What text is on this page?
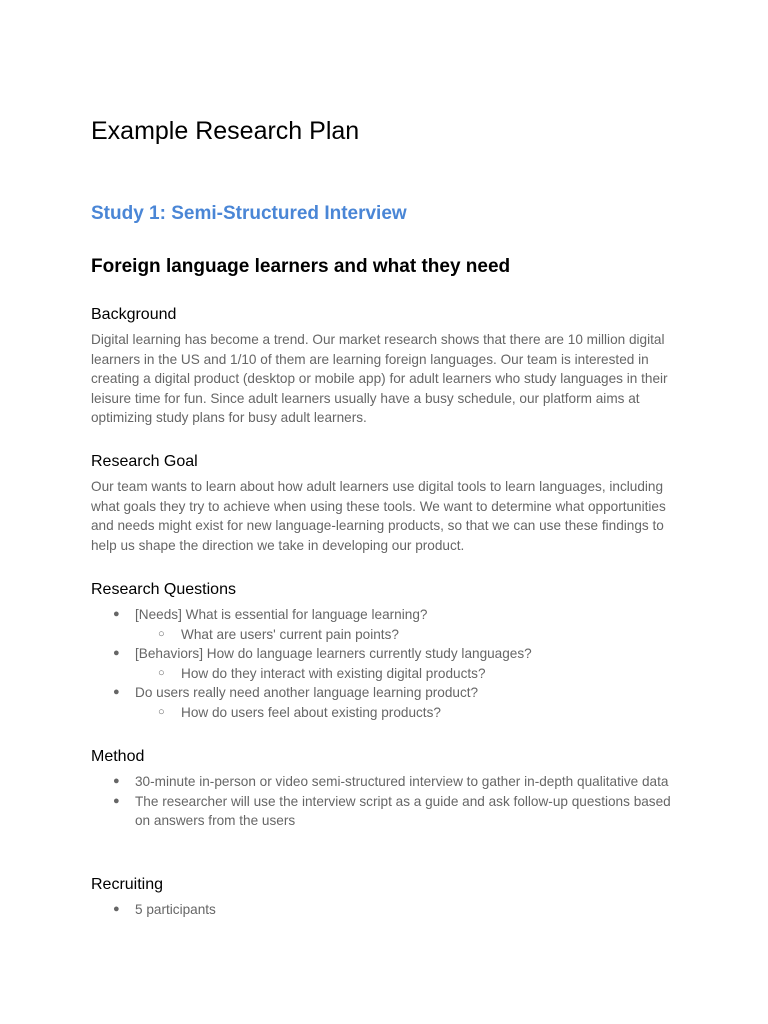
Example Research Plan
Study 1: Semi-Structured Interview
Foreign language learners and what they need
Background

Digital learning has become a trend. Our market research shows that there are 10 million digital learners in the US and 1/10 of them are learning foreign languages. Our team is interested in creating a digital product (desktop or mobile app) for adult learners who study languages in their leisure time for fun. Since adult learners usually have a busy schedule, our platform aims at optimizing study plans for busy adult learners.

Research Goal

Our team wants to learn about how adult learners use digital tools to learn languages, including what goals they try to achieve when using these tools. We want to determine what opportunities and needs might exist for new language-learning products, so that we can use these findings to help us shape the direction we take in developing our product.

Research Questions
● [Needs] What is essential for language learning?
○ What are users' current pain points?
● [Behaviors] How do language learners currently study languages?
○ How do they interact with existing digital products?
● Do users really need another language learning product?
○ How do users feel about existing products?
Method
● 30-minute in-person or video semi-structured interview to gather in-depth qualitative data
● The researcher will use the interview script as a guide and ask follow-up questions based on answers from the users
Recruiting
● 5 participants
